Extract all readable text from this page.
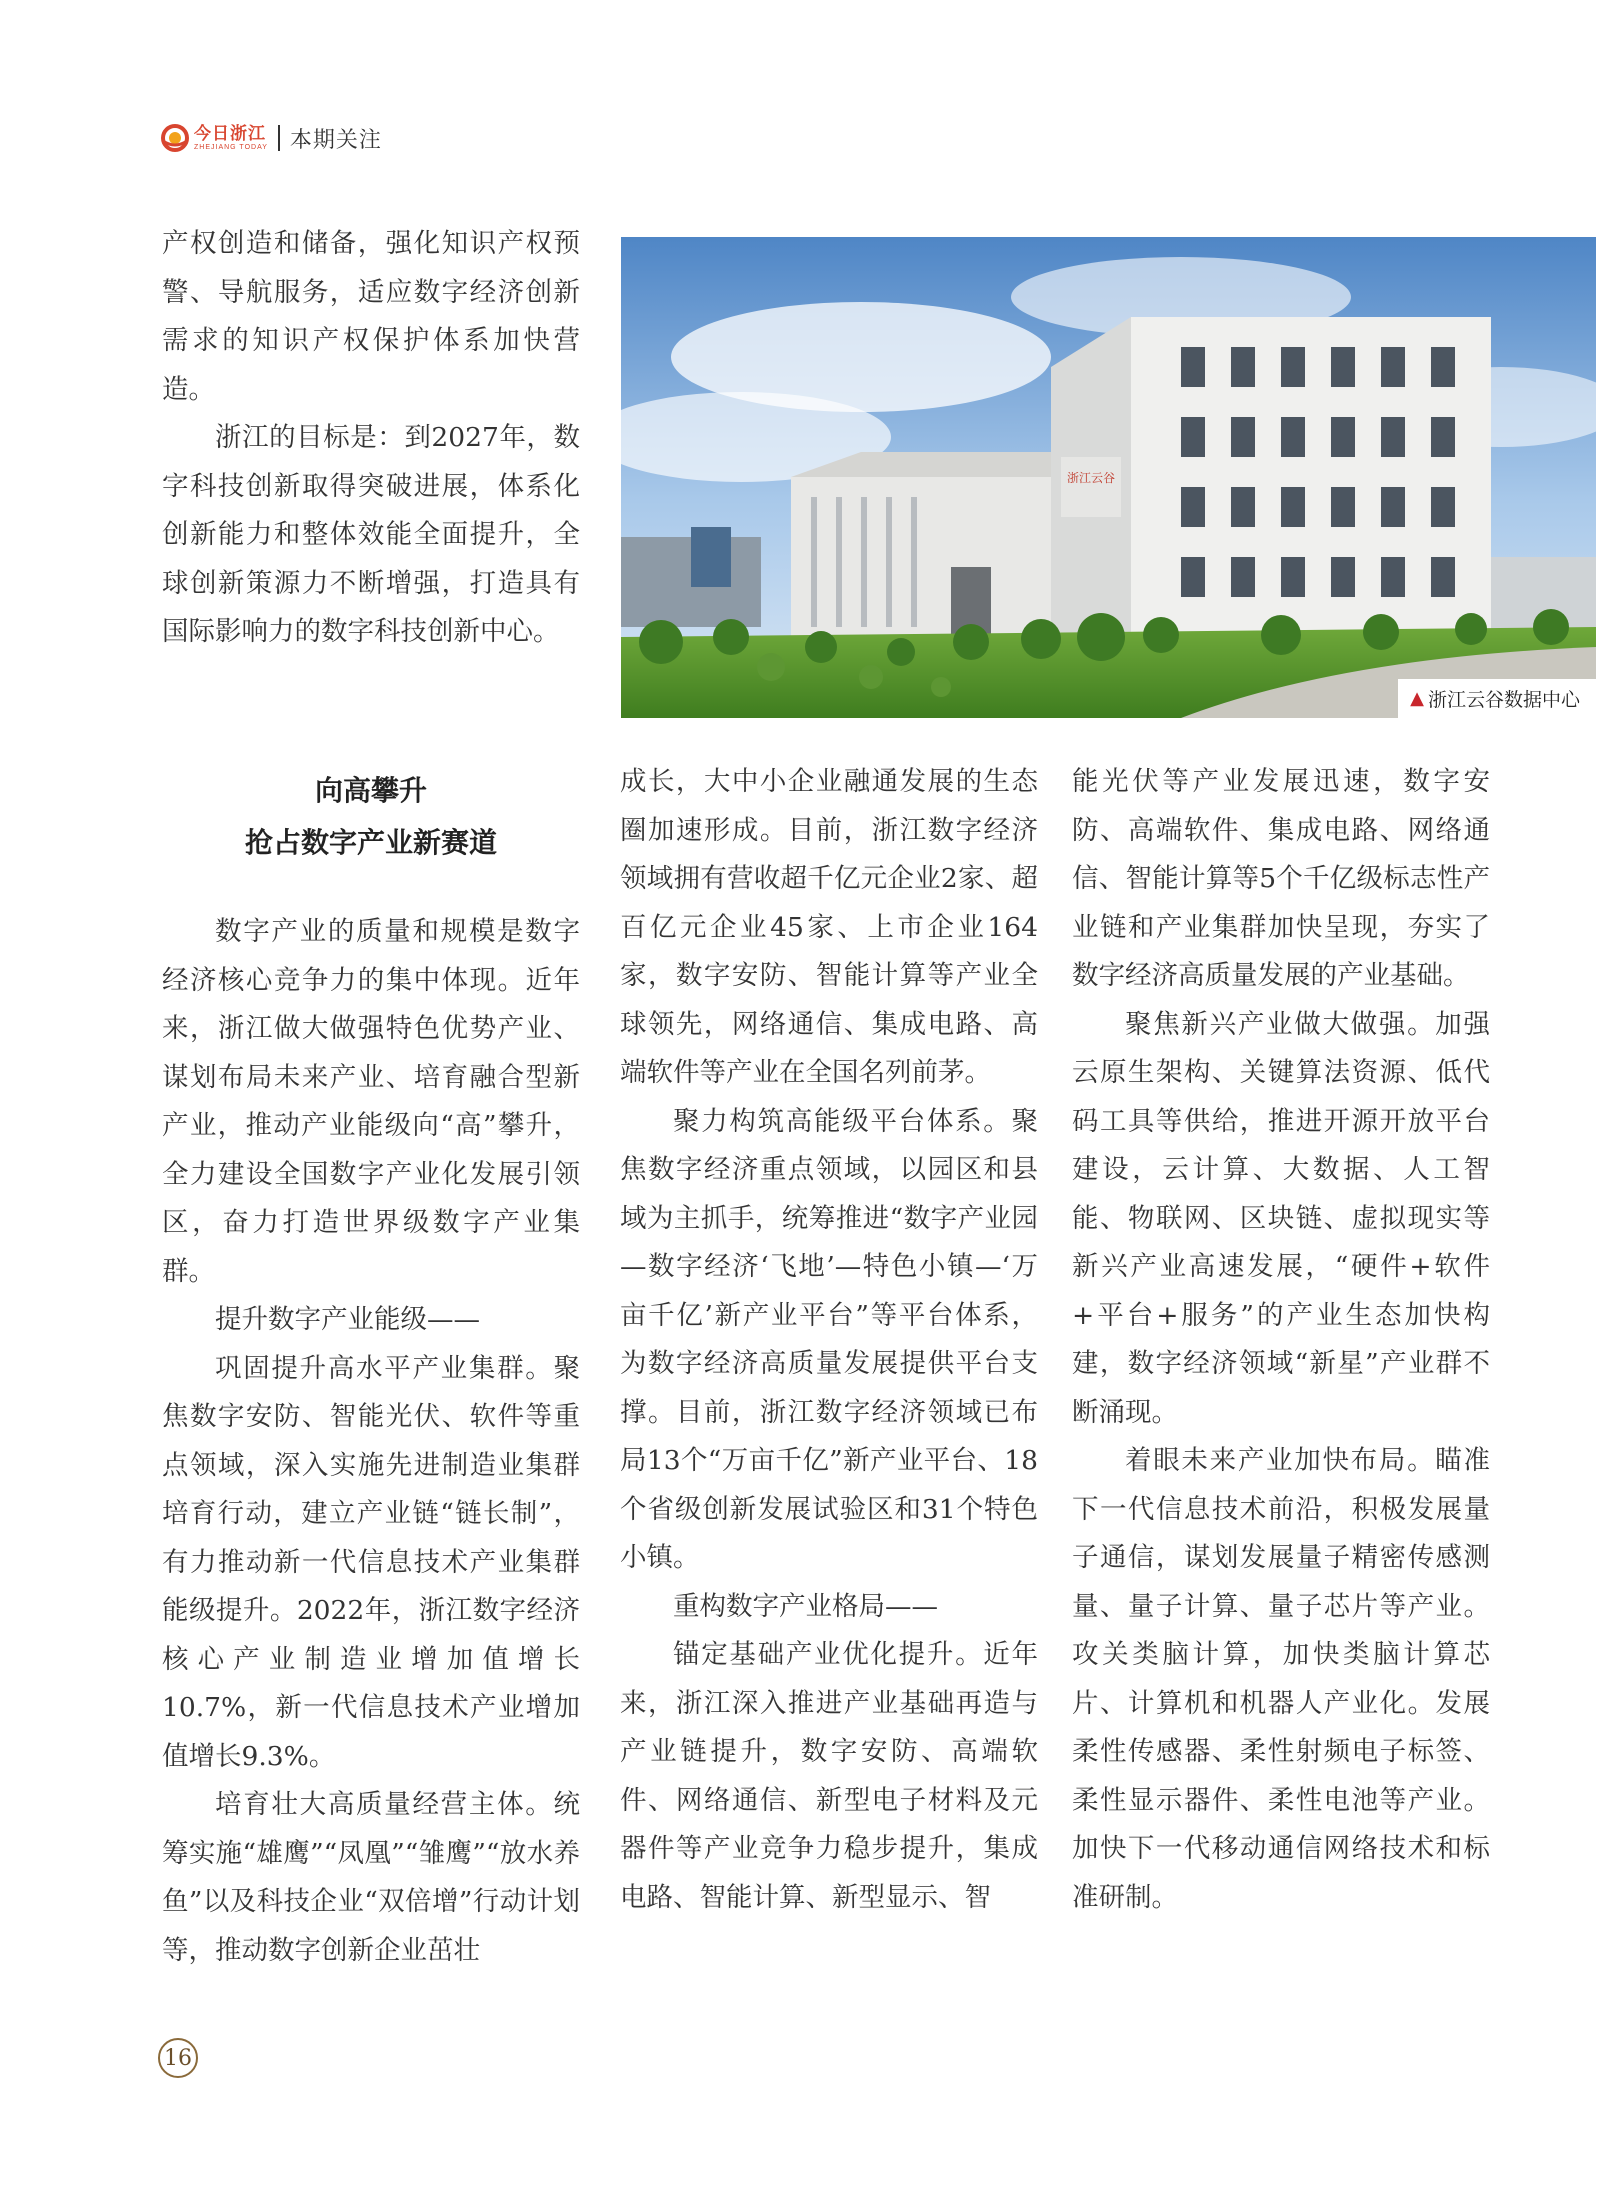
今日浙江
ZHEJIANG TODAY 本期关注

产权创造和储备，强化知识产权预警、导航服务，适应数字经济创新需求的知识产权保护体系加快营造。

浙江的目标是：到2027年，数字科技创新取得突破进展，体系化创新能力和整体效能全面提升，全球创新策源力不断增强，打造具有国际影响力的数字科技创新中心。

浙江云谷
▲ 浙江云谷数据中心
向高攀升
抢占数字产业新赛道

数字产业的质量和规模是数字经济核心竞争力的集中体现。近年来，浙江做大做强特色优势产业、谋划布局未来产业、培育融合型新产业，推动产业能级向“高”攀升，全力建设全国数字产业化发展引领区，奋力打造世界级数字产业集群。

提升数字产业能级——

巩固提升高水平产业集群。聚焦数字安防、智能光伏、软件等重点领域，深入实施先进制造业集群培育行动，建立产业链“链长制”，有力推动新一代信息技术产业集群能级提升。2022年，浙江数字经济核心产业制造业增加值增长10.7%，新一代信息技术产业增加值增长9.3%。

培育壮大高质量经营主体。统筹实施“雄鹰”“凤凰”“雏鹰”“放水养鱼”以及科技企业“双倍增”行动计划等，推动数字创新企业茁壮

成长，大中小企业融通发展的生态圈加速形成。目前，浙江数字经济领域拥有营收超千亿元企业2家、超百亿元企业45家、上市企业164家，数字安防、智能计算等产业全球领先，网络通信、集成电路、高端软件等产业在全国名列前茅。

聚力构筑高能级平台体系。聚焦数字经济重点领域，以园区和县域为主抓手，统筹推进“数字产业园—数字经济‘飞地’—特色小镇—‘万亩千亿’新产业平台”等平台体系，为数字经济高质量发展提供平台支撑。目前，浙江数字经济领域已布局13个“万亩千亿”新产业平台、18个省级创新发展试验区和31个特色小镇。

重构数字产业格局——

锚定基础产业优化提升。近年来，浙江深入推进产业基础再造与产业链提升，数字安防、高端软件、网络通信、新型电子材料及元器件等产业竞争力稳步提升，集成电路、智能计算、新型显示、智

能光伏等产业发展迅速，数字安防、高端软件、集成电路、网络通信、智能计算等5个千亿级标志性产业链和产业集群加快呈现，夯实了数字经济高质量发展的产业基础。

聚焦新兴产业做大做强。加强云原生架构、关键算法资源、低代码工具等供给，推进开源开放平台建设，云计算、大数据、人工智能、物联网、区块链、虚拟现实等新兴产业高速发展，“硬件+软件+平台+服务”的产业生态加快构建，数字经济领域“新星”产业群不断涌现。

着眼未来产业加快布局。瞄准下一代信息技术前沿，积极发展量子通信，谋划发展量子精密传感测量、量子计算、量子芯片等产业。攻关类脑计算，加快类脑计算芯片、计算机和机器人产业化。发展柔性传感器、柔性射频电子标签、柔性显示器件、柔性电池等产业。加快下一代移动通信网络技术和标准研制。

16
